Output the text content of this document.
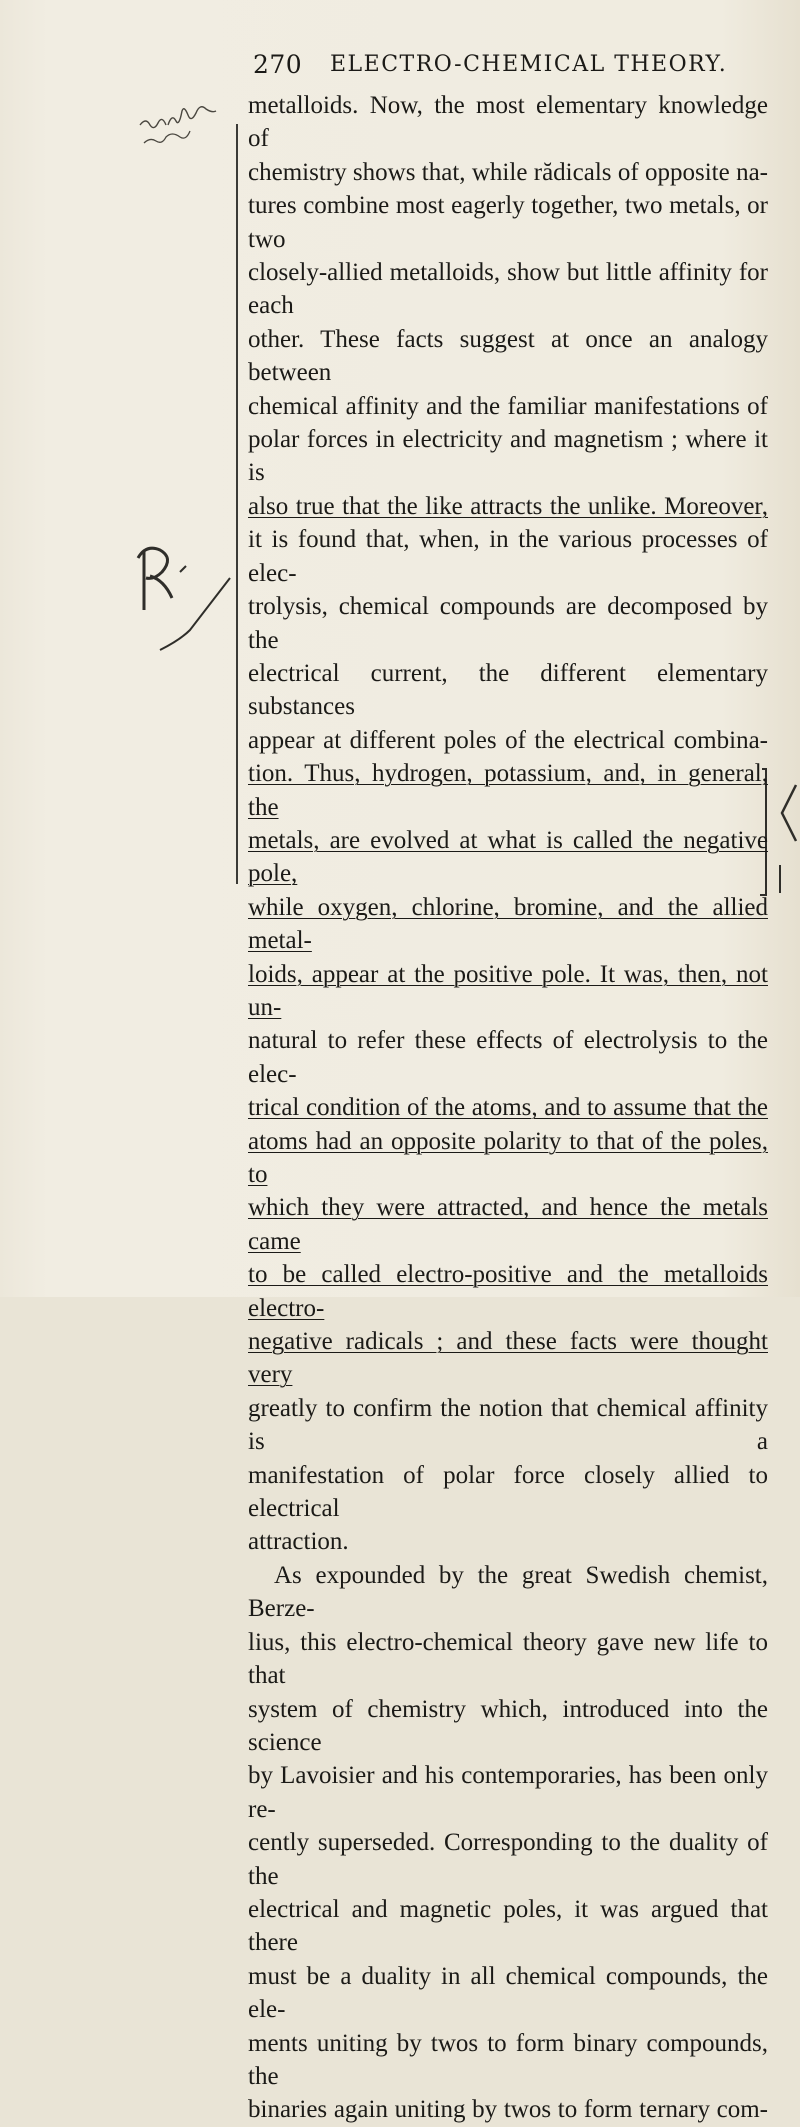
270 ELECTRO-CHEMICAL THEORY.

metalloids. Now, the most elementary knowledge of

chemistry shows that, while rădicals of opposite na-

tures combine most eagerly together, two metals, or two

closely-allied metalloids, show but little affinity for each

other. These facts suggest at once an analogy between

chemical affinity and the familiar manifestations of

polar forces in electricity and magnetism ; where it is

also true that the like attracts the unlike. Moreover,

it is found that, when, in the various processes of elec-

trolysis, chemical compounds are decomposed by the

electrical current, the different elementary substances

appear at different poles of the electrical combina-

tion. Thus, hydrogen, potassium, and, in general, the

metals, are evolved at what is called the negative pole,

while oxygen, chlorine, bromine, and the allied metal-

loids, appear at the positive pole. It was, then, not un-

natural to refer these effects of electrolysis to the elec-

trical condition of the atoms, and to assume that the

atoms had an opposite polarity to that of the poles, to

which they were attracted, and hence the metals came

to be called electro-positive and the metalloids electro-

negative radicals ; and these facts were thought very

greatly to confirm the notion that chemical affinity is a

manifestation of polar force closely allied to electrical

attraction.

As expounded by the great Swedish chemist, Berze-

lius, this electro-chemical theory gave new life to that

system of chemistry which, introduced into the science

by Lavoisier and his contemporaries, has been only re-

cently superseded. Corresponding to the duality of the

electrical and magnetic poles, it was argued that there

must be a duality in all chemical compounds, the ele-

ments uniting by twos to form binary compounds, the

binaries again uniting by twos to form ternary com-
